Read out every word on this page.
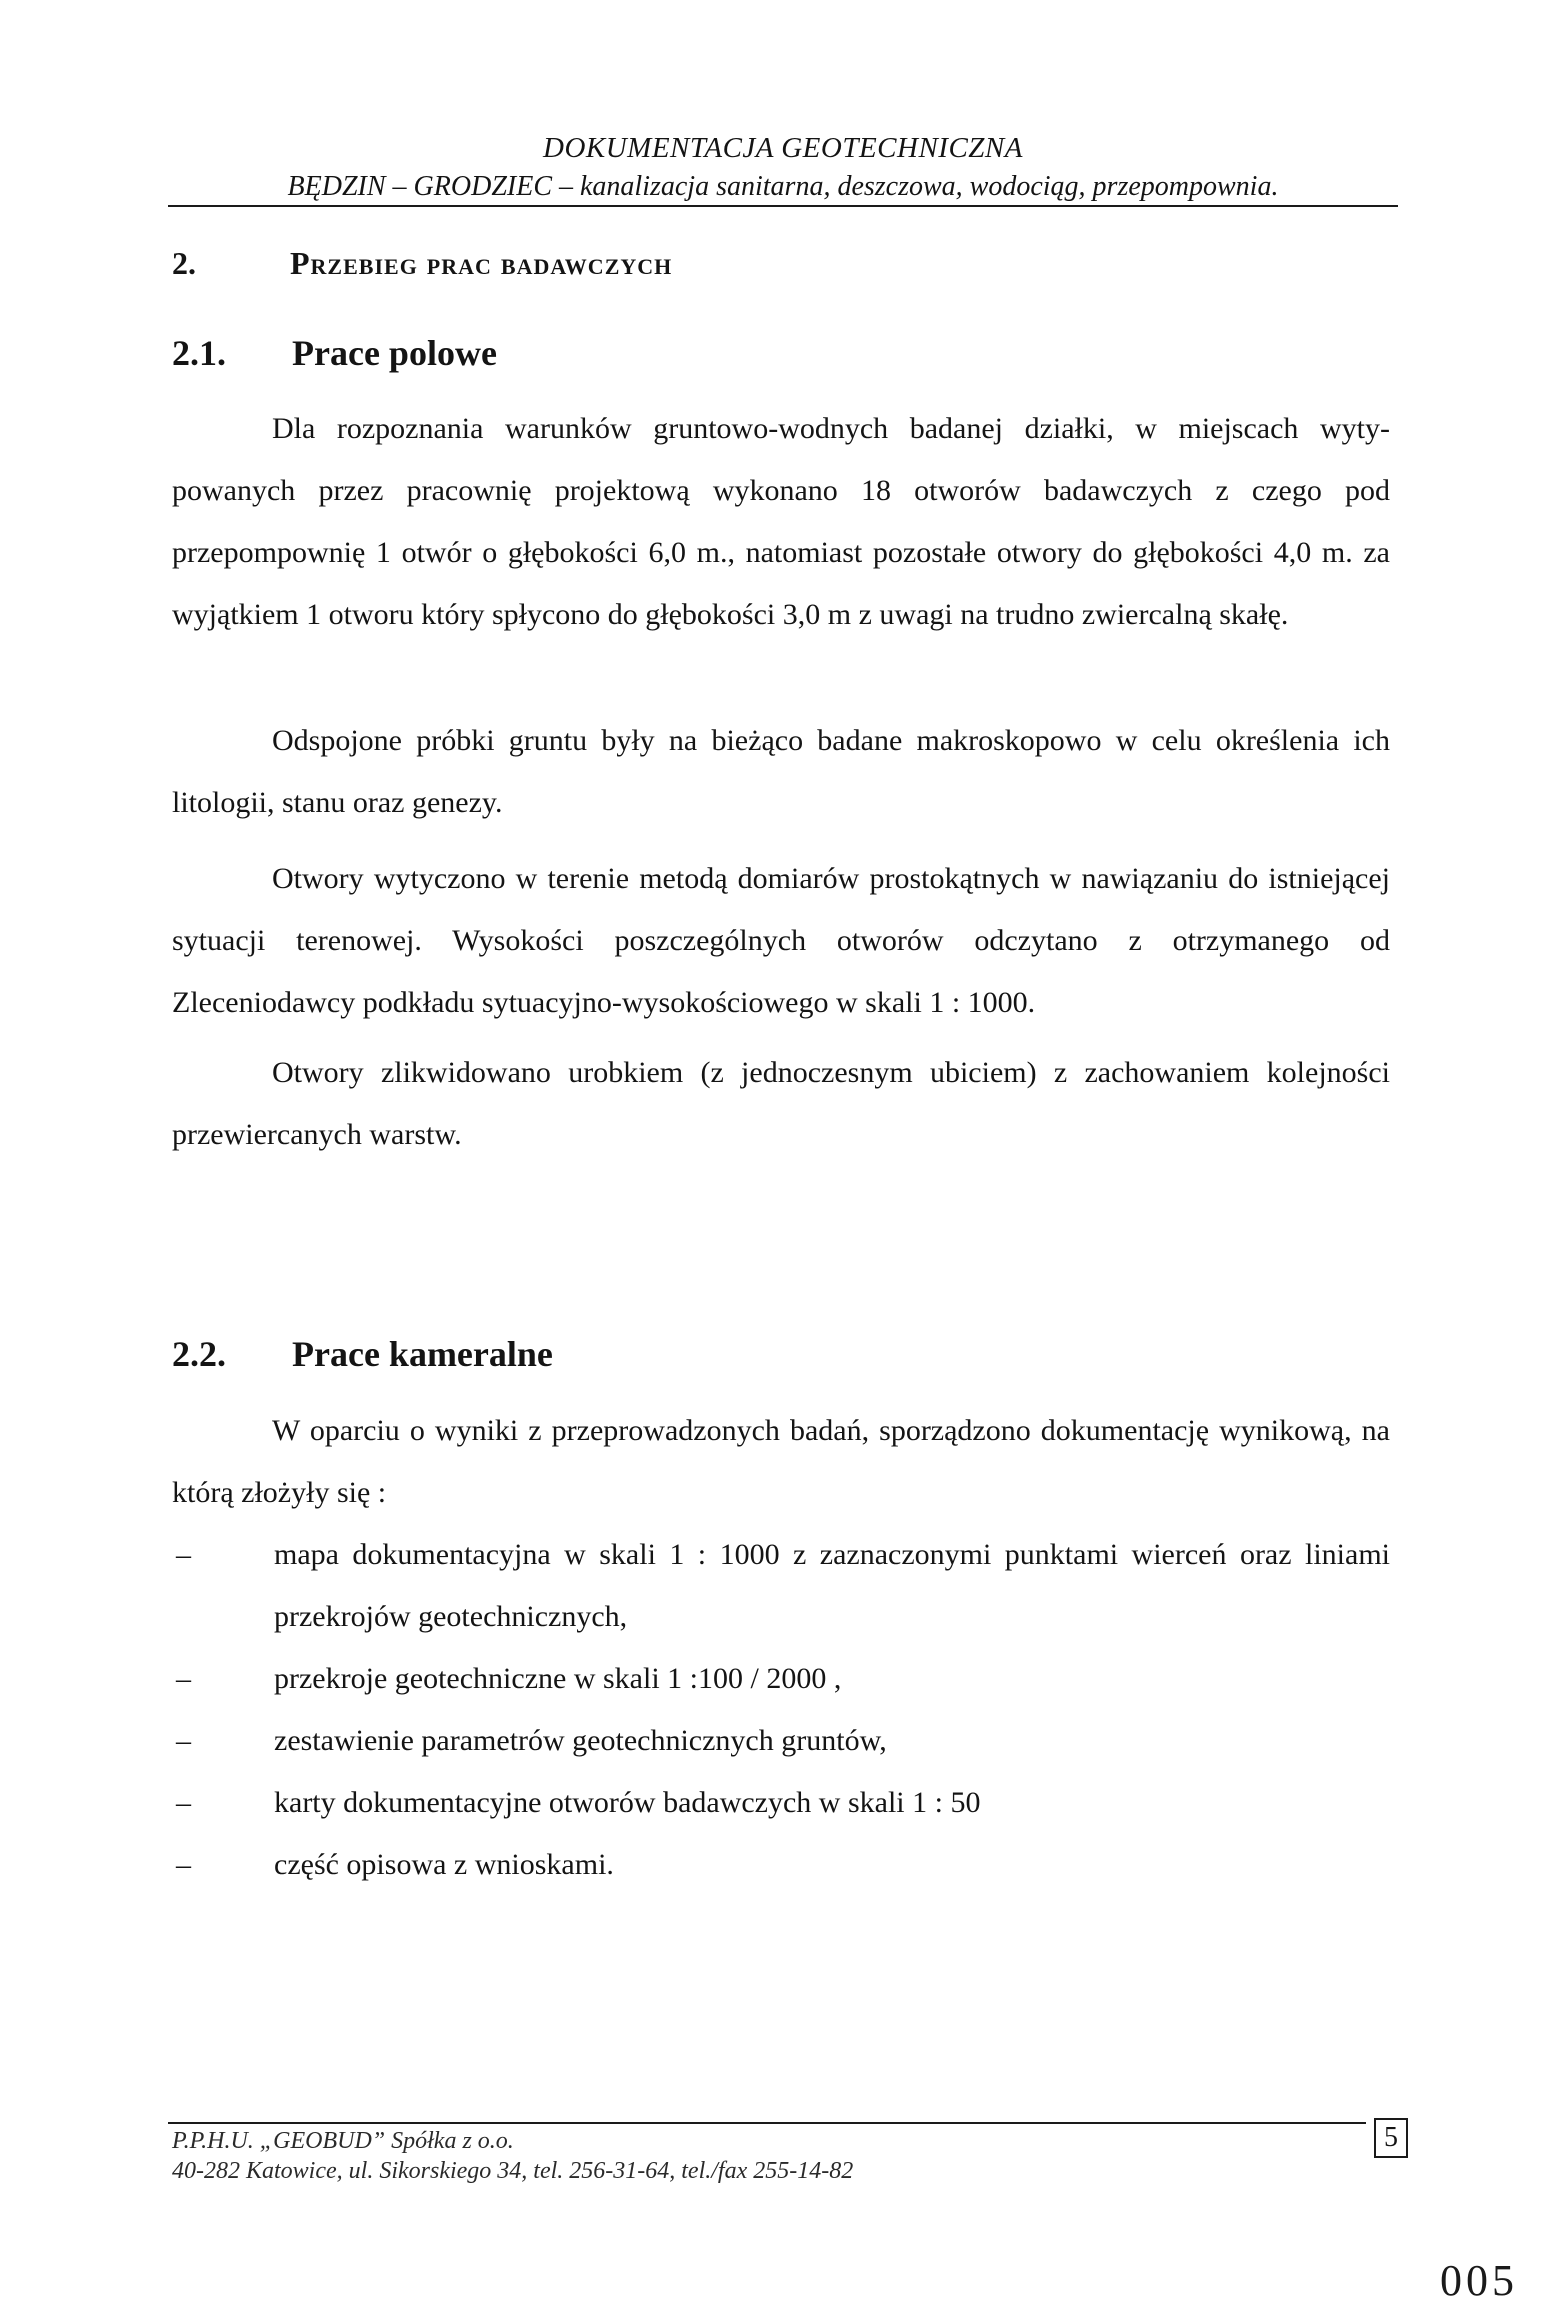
DOKUMENTACJA GEOTECHNICZNA
BĘDZIN – GRODZIEC – kanalizacja sanitarna, deszczowa, wodociąg, przepompownia.
2.	Przebieg prac badawczych
2.1. Prace polowe

Dla rozpoznania warunków gruntowo-wodnych badanej działki, w miejscach wytypowanych przez pracownię projektową wykonano 18 otworów badawczych z czego pod przepompownię 1 otwór o głębokości 6,0 m., natomiast pozostałe otwory do głębokości 4,0 m. za wyjątkiem 1 otworu który spłycono do głębokości 3,0 m z uwagi na trudno zwiercalną skałę.

Odspojone próbki gruntu były na bieżąco badane makroskopowo w celu określenia ich litologii, stanu oraz genezy.

Otwory wytyczono w terenie metodą domiarów prostokątnych w nawiązaniu do istniejącej sytuacji terenowej. Wysokości poszczególnych otworów odczytano z otrzymanego od Zleceniodawcy podkładu sytuacyjno-wysokościowego w skali 1 : 1000.

Otwory zlikwidowano urobkiem (z jednoczesnym ubiciem) z zachowaniem kolejności przewiercanych warstw.

2.2. Prace kameralne

W oparciu o wyniki z przeprowadzonych badań, sporządzono dokumentację wynikową, na którą złożyły się :

–	mapa dokumentacyjna w skali 1 : 1000 z zaznaczonymi punktami wierceń oraz liniami przekrojów geotechnicznych,
–	przekroje geotechniczne w skali 1 :100 / 2000 ,
–	zestawienie parametrów geotechnicznych gruntów,
–	karty dokumentacyjne otworów badawczych w skali 1 : 50
–	część opisowa z wnioskami.
P.P.H.U. „GEOBUD” Spółka z o.o.
40-282 Katowice, ul. Sikorskiego 34, tel. 256-31-64, tel./fax 255-14-82
5
005
